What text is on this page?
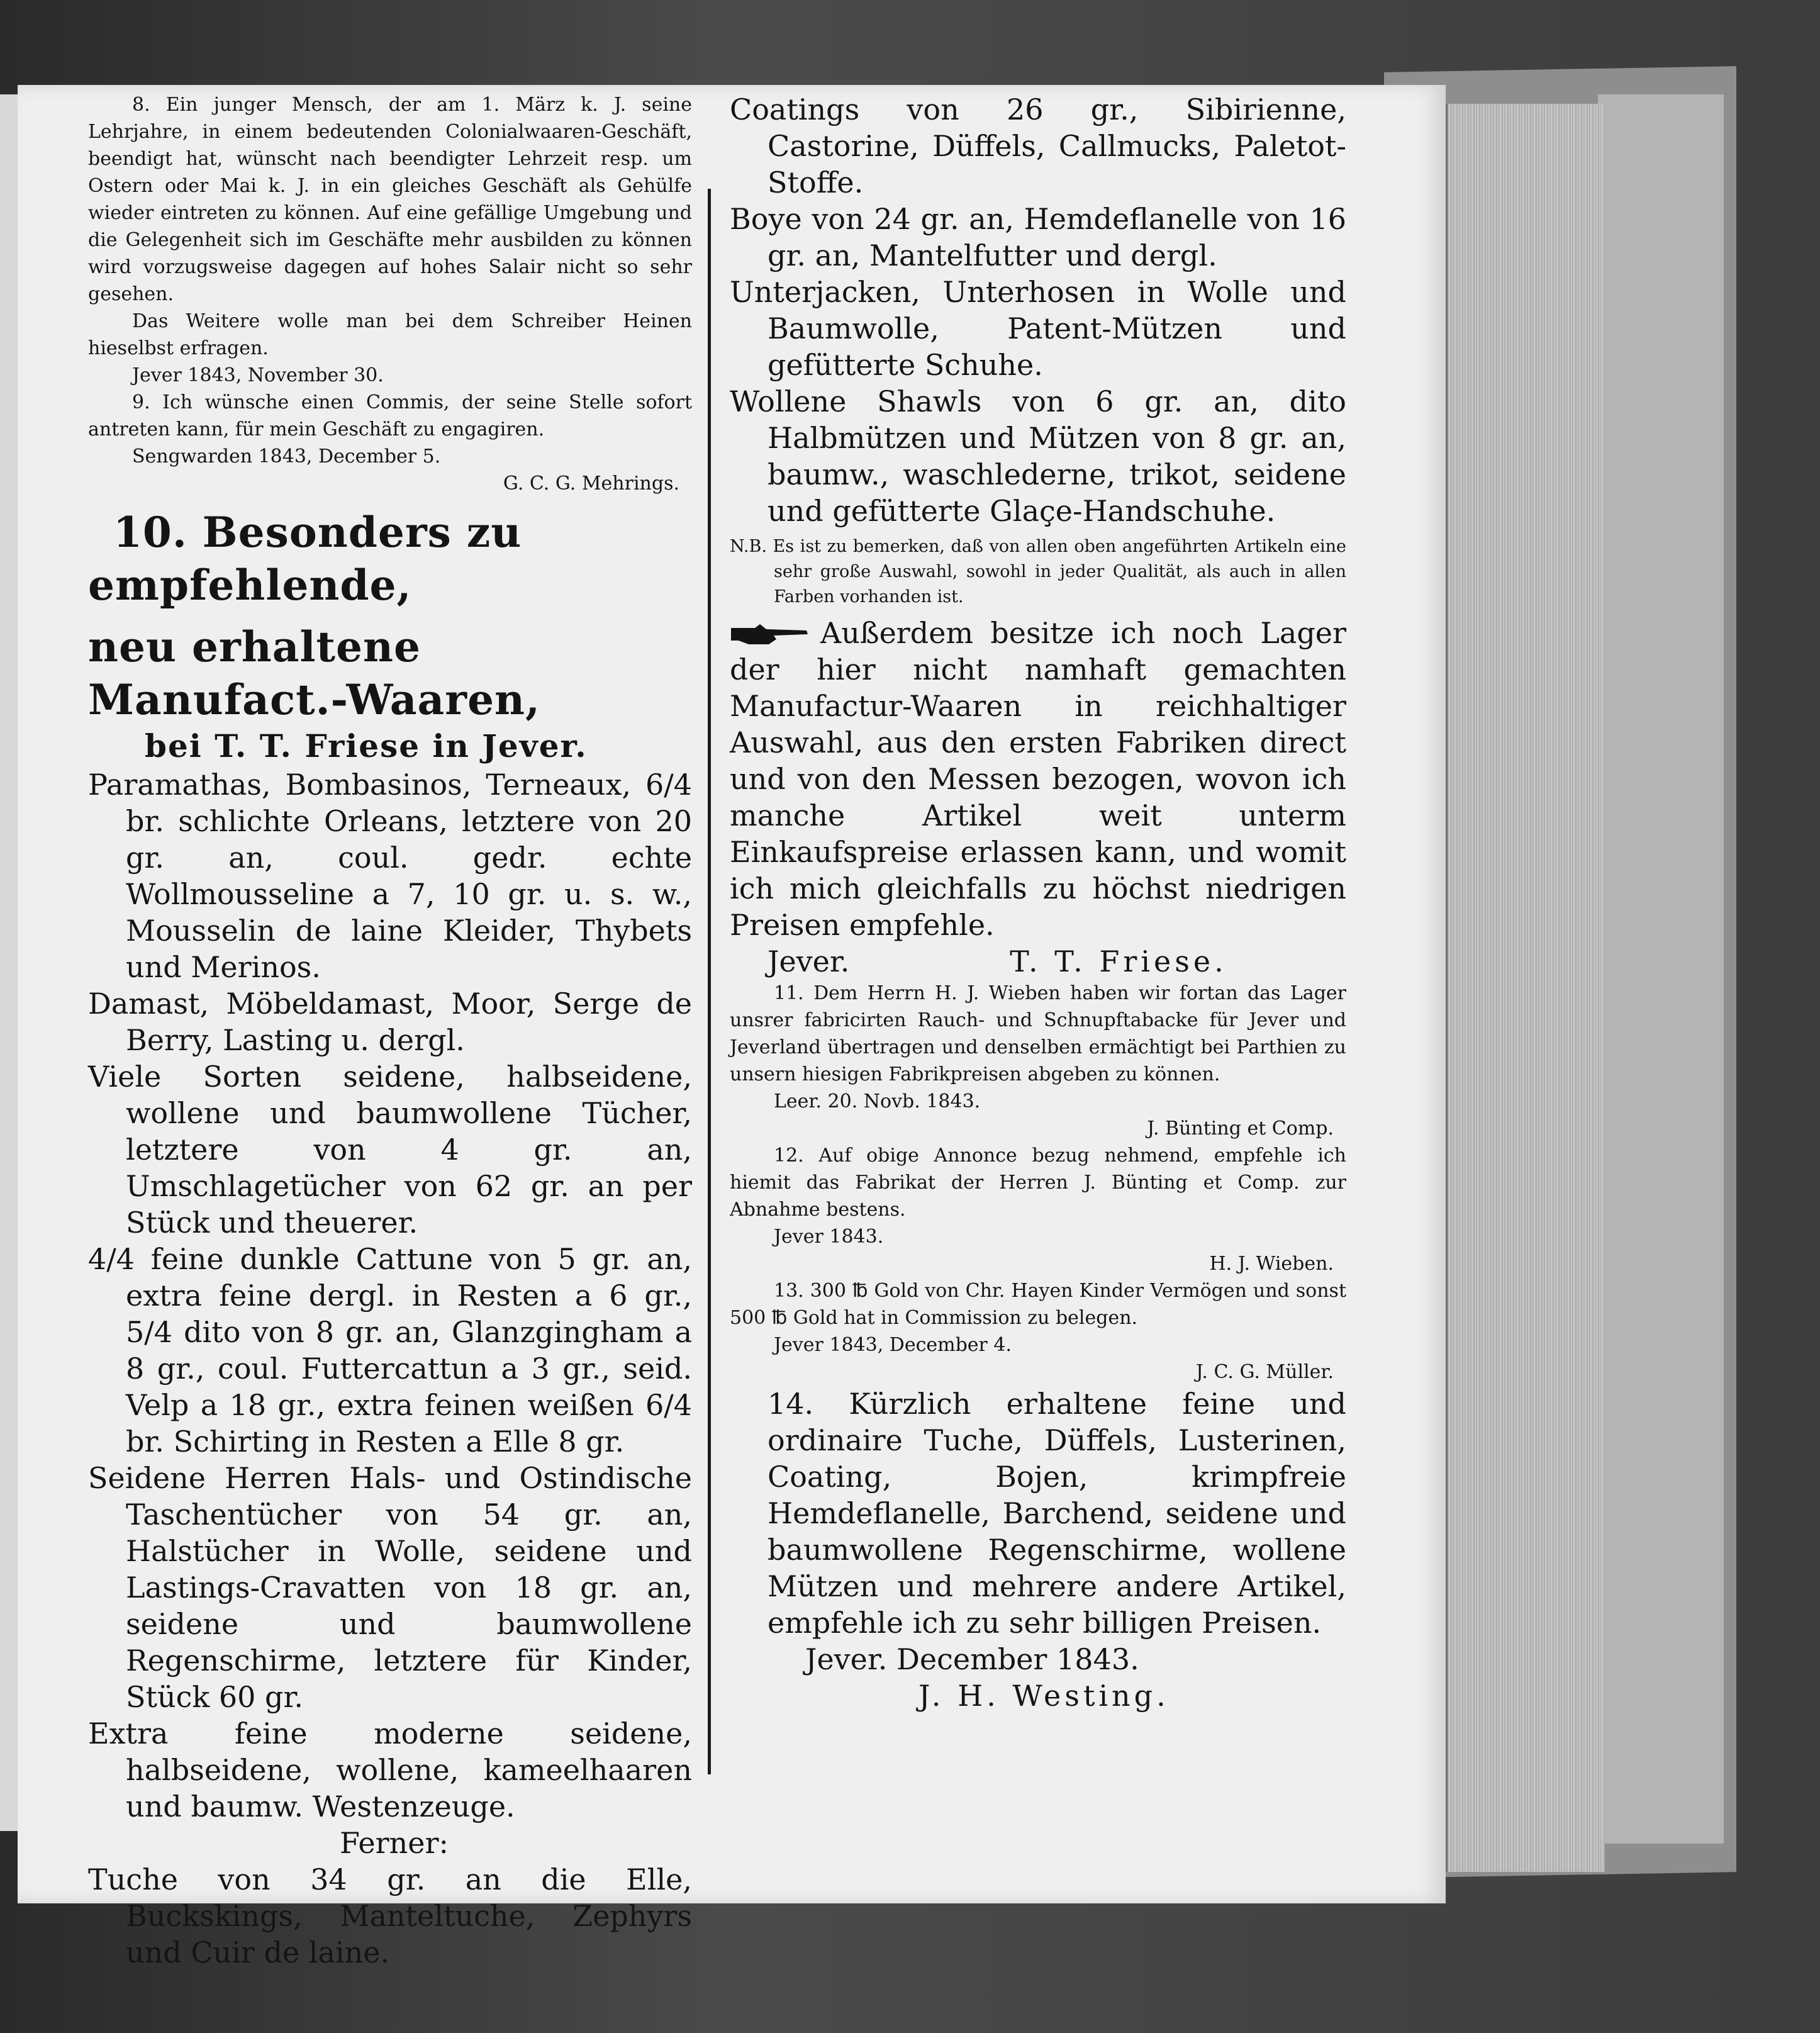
8. Ein junger Mensch, der am 1. März k. J. seine Lehrjahre, in einem bedeutenden Colonialwaaren-Geschäft, beendigt hat, wünscht nach beendigter Lehrzeit resp. um Ostern oder Mai k. J. in ein gleiches Geschäft als Gehülfe wieder eintreten zu können. Auf eine gefällige Umgebung und die Gelegenheit sich im Geschäfte mehr ausbilden zu können wird vorzugsweise dagegen auf hohes Salair nicht so sehr gesehen.

Das Weitere wolle man bei dem Schreiber Heinen hieselbst erfragen.

Jever 1843, November 30.

9. Ich wünsche einen Commis, der seine Stelle sofort antreten kann, für mein Geschäft zu engagiren.

Sengwarden 1843, December 5.

G. C. G. Mehrings.

10. Besonders zu empfehlende,

neu erhaltene Manufact.-Waaren,

bei T. T. Friese in Jever.

Paramathas, Bombasinos, Terneaux, 6/4 br. schlichte Orleans, letztere von 20 gr. an, coul. gedr. echte Wollmousseline a 7, 10 gr. u. s. w., Mousselin de laine Kleider, Thybets und Merinos.

Damast, Möbeldamast, Moor, Serge de Berry, Lasting u. dergl.

Viele Sorten seidene, halbseidene, wollene und baumwollene Tücher, letztere von 4 gr. an, Umschlagetücher von 62 gr. an per Stück und theuerer.

4/4 feine dunkle Cattune von 5 gr. an, extra feine dergl. in Resten a 6 gr., 5/4 dito von 8 gr. an, Glanzgingham a 8 gr., coul. Futtercattun a 3 gr., seid. Velp a 18 gr., extra feinen weißen 6/4 br. Schirting in Resten a Elle 8 gr.

Seidene Herren Hals- und Ostindische Taschentücher von 54 gr. an, Halstücher in Wolle, seidene und Lastings-Cravatten von 18 gr. an, seidene und baumwollene Regenschirme, letztere für Kinder, Stück 60 gr.

Extra feine moderne seidene, halbseidene, wollene, kameelhaaren und baumw. Westenzeuge.

Ferner:

Tuche von 34 gr. an die Elle, Buckskings, Manteltuche, Zephyrs und Cuir de laine.

Coatings von 26 gr., Sibirienne, Castorine, Düffels, Callmucks, Paletot-Stoffe.

Boye von 24 gr. an, Hemdeflanelle von 16 gr. an, Mantelfutter und dergl.

Unterjacken, Unterhosen in Wolle und Baumwolle, Patent-Mützen und gefütterte Schuhe.

Wollene Shawls von 6 gr. an, dito Halbmützen und Mützen von 8 gr. an, baumw., waschlederne, trikot, seidene und gefütterte Glaçe-Handschuhe.

N.B. Es ist zu bemerken, daß von allen oben angeführten Artikeln eine sehr große Auswahl, sowohl in jeder Qualität, als auch in allen Farben vorhanden ist.

Außerdem besitze ich noch Lager der hier nicht namhaft gemachten Manufactur-Waaren in reichhaltiger Auswahl, aus den ersten Fabriken direct und von den Messen bezogen, wovon ich manche Artikel weit unterm Einkaufspreise erlassen kann, und womit ich mich gleichfalls zu höchst niedrigen Preisen empfehle.

Jever.	T. T. Friese.

11. Dem Herrn H. J. Wieben haben wir fortan das Lager unsrer fabricirten Rauch- und Schnupftabacke für Jever und Jeverland übertragen und denselben ermächtigt bei Parthien zu unsern hiesigen Fabrikpreisen abgeben zu können.

Leer. 20. Novb. 1843.

J. Bünting et Comp.

12. Auf obige Annonce bezug nehmend, empfehle ich hiemit das Fabrikat der Herren J. Bünting et Comp. zur Abnahme bestens.

Jever 1843.

H. J. Wieben.

13. 300 ℔ Gold von Chr. Hayen Kinder Vermögen und sonst 500 ℔ Gold hat in Commission zu belegen.

Jever 1843, December 4.

J. C. G. Müller.

14. Kürzlich erhaltene feine und ordinaire Tuche, Düffels, Lusterinen, Coating, Bojen, krimpfreie Hemdeflanelle, Barchend, seidene und baumwollene Regenschirme, wollene Mützen und mehrere andere Artikel, empfehle ich zu sehr billigen Preisen.

Jever. December 1843.

J. H. Westing.
